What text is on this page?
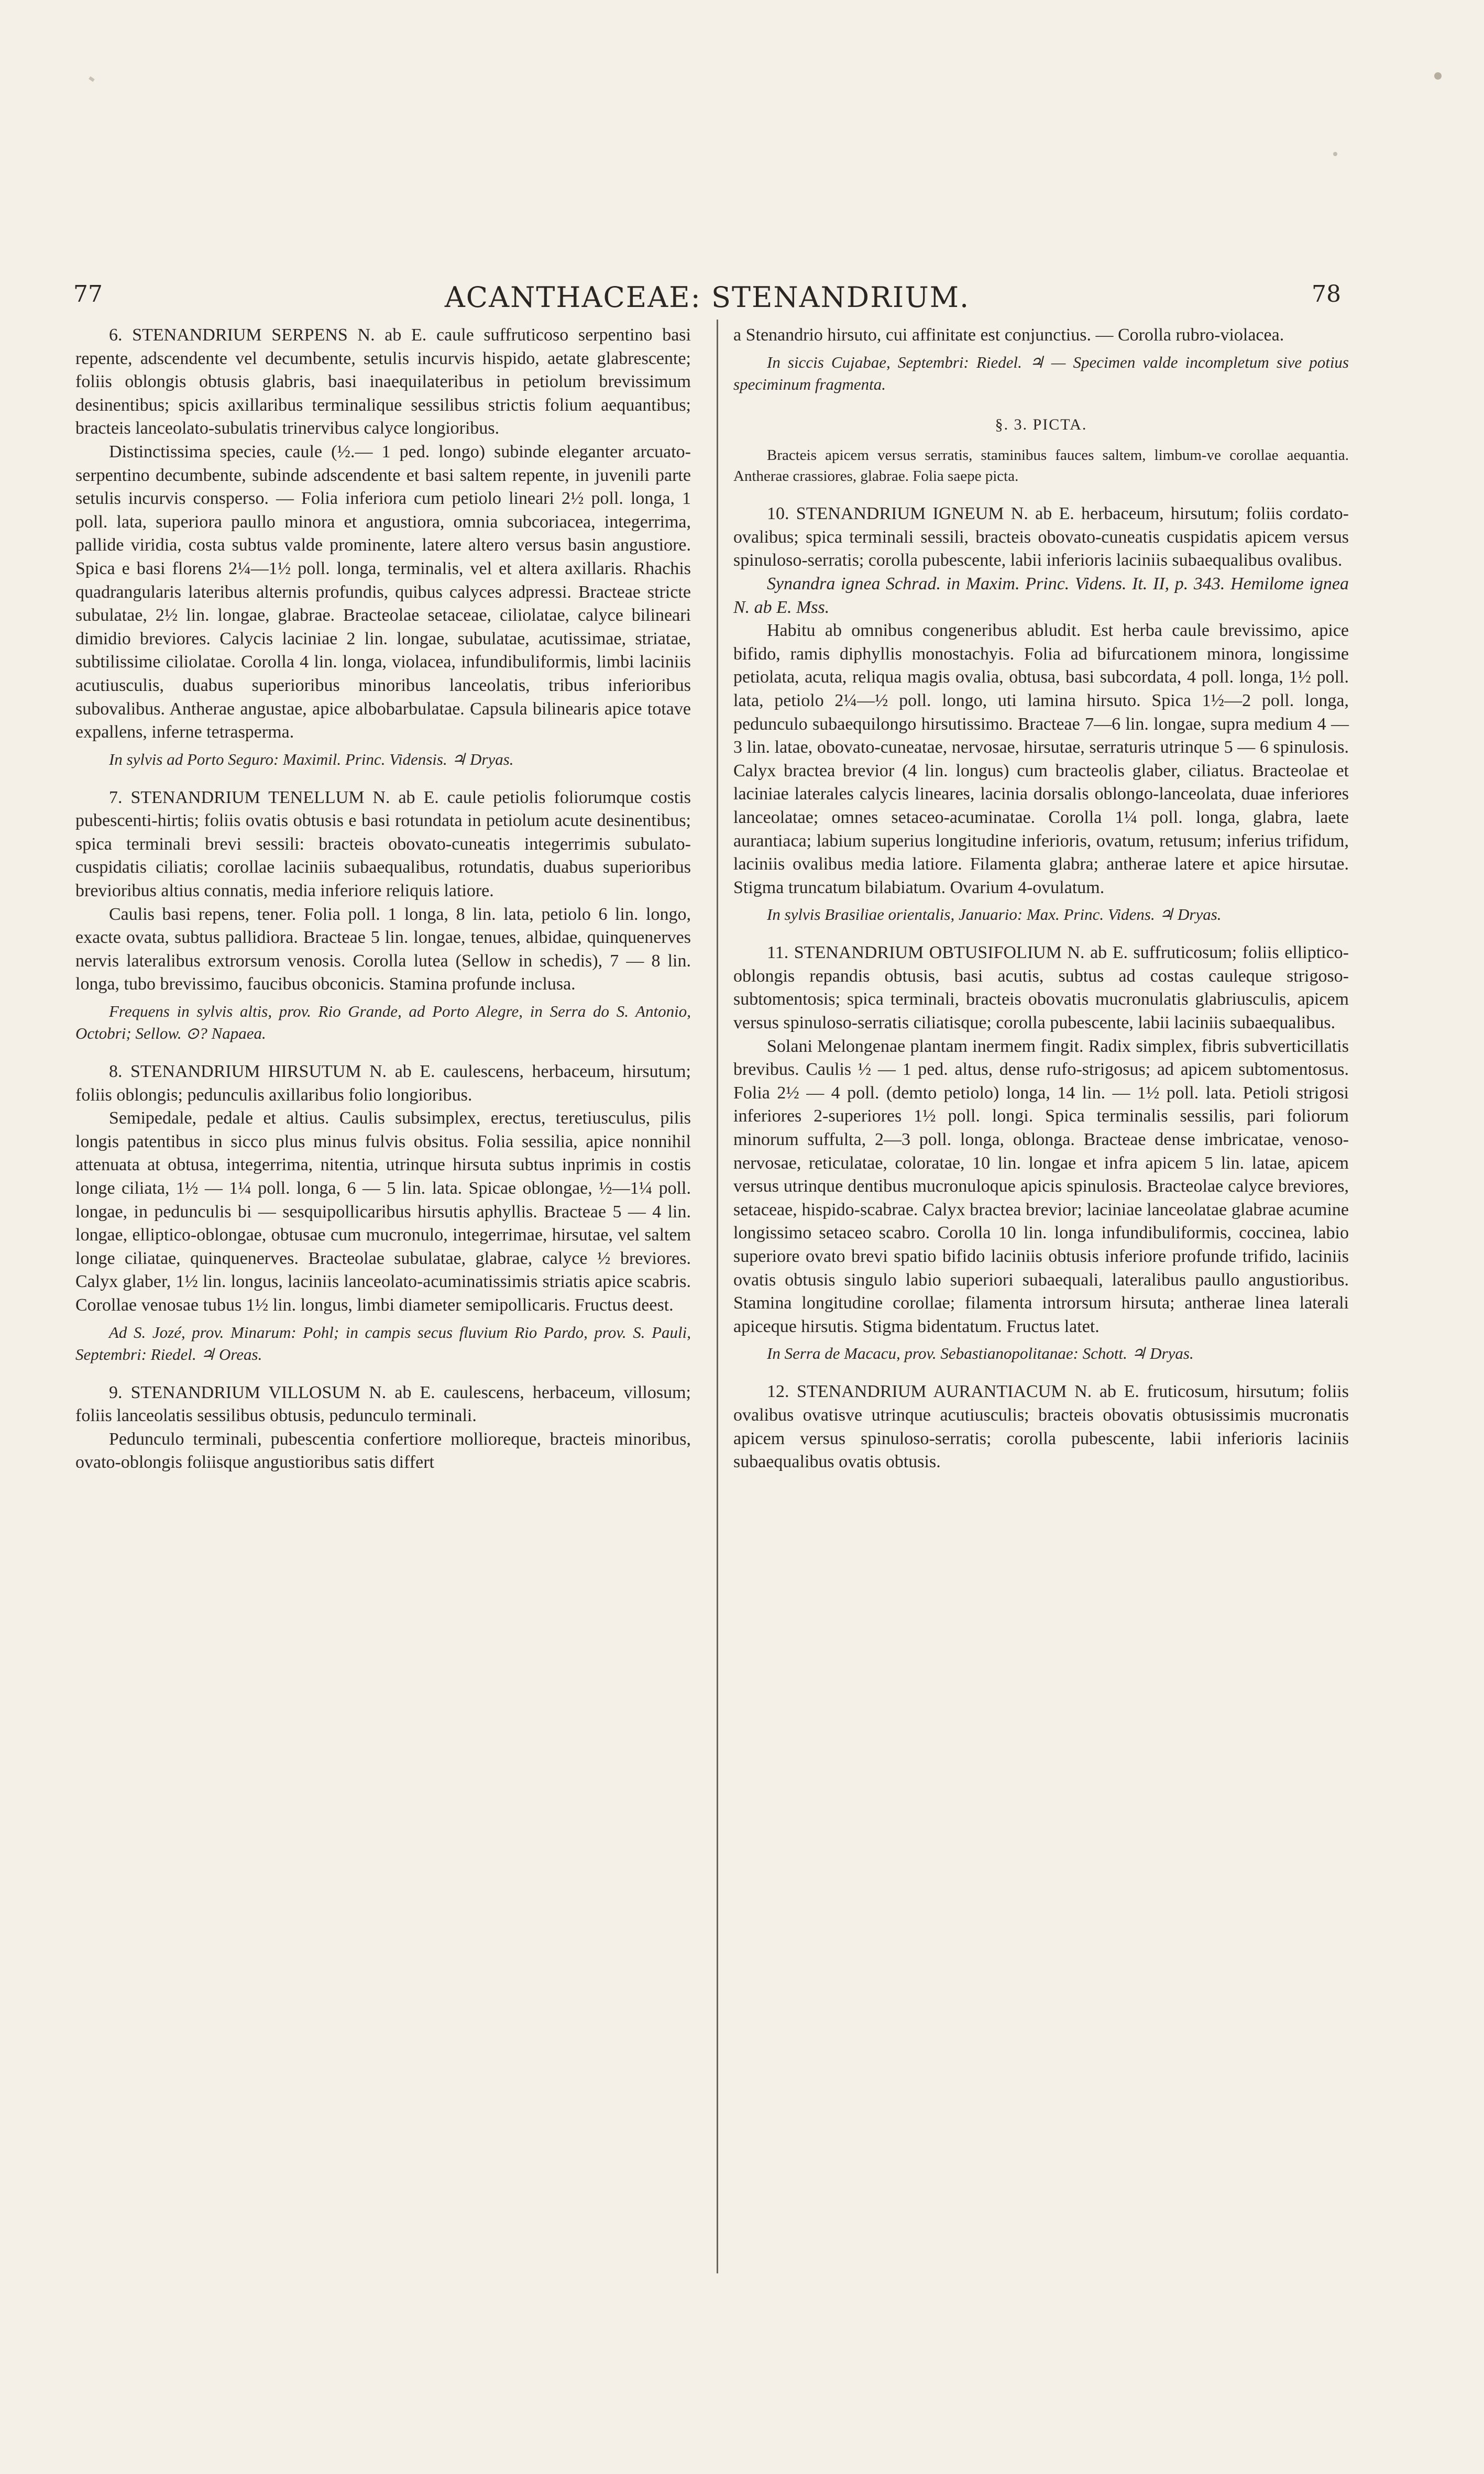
77	ACANTHACEAE: STENANDRIUM.	78

6. STENANDRIUM SERPENS N. ab E. caule suffruticoso serpentino basi repente, adscendente vel decumbente, setulis incurvis hispido, aetate glabrescente; foliis oblongis obtusis glabris, basi inaequilateribus in petiolum brevissimum desinentibus; spicis axillaribus terminalique sessilibus strictis folium aequantibus; bracteis lanceolato-subulatis trinervibus calyce longioribus.

Distinctissima species, caule (½.— 1 ped. longo) subinde eleganter arcuato-serpentino decumbente, subinde adscendente et basi saltem repente, in juvenili parte setulis incurvis consperso. — Folia inferiora cum petiolo lineari 2½ poll. longa, 1 poll. lata, superiora paullo minora et angustiora, omnia subcoriacea, integerrima, pallide viridia, costa subtus valde prominente, latere altero versus basin angustiore. Spica e basi florens 2¼—1½ poll. longa, terminalis, vel et altera axillaris. Rhachis quadrangularis lateribus alternis profundis, quibus calyces adpressi. Bracteae stricte subulatae, 2½ lin. longae, glabrae. Bracteolae setaceae, ciliolatae, calyce bilineari dimidio breviores. Calycis laciniae 2 lin. longae, subulatae, acutissimae, striatae, subtilissime ciliolatae. Corolla 4 lin. longa, violacea, infundibuliformis, limbi laciniis acutiusculis, duabus superioribus minoribus lanceolatis, tribus inferioribus subovalibus. Antherae angustae, apice albobarbulatae. Capsula bilinearis apice totave expallens, inferne tetrasperma.

In sylvis ad Porto Seguro: Maximil. Princ. Vidensis. ♃ Dryas.

7. STENANDRIUM TENELLUM N. ab E. caule petiolis foliorumque costis pubescenti-hirtis; foliis ovatis obtusis e basi rotundata in petiolum acute desinentibus; spica terminali brevi sessili: bracteis obovato-cuneatis integerrimis subulato-cuspidatis ciliatis; corollae laciniis subaequalibus, rotundatis, duabus superioribus brevioribus altius connatis, media inferiore reliquis latiore.

Caulis basi repens, tener. Folia poll. 1 longa, 8 lin. lata, petiolo 6 lin. longo, exacte ovata, subtus pallidiora. Bracteae 5 lin. longae, tenues, albidae, quinquenerves nervis lateralibus extrorsum venosis. Corolla lutea (Sellow in schedis), 7 — 8 lin. longa, tubo brevissimo, faucibus obconicis. Stamina profunde inclusa.

Frequens in sylvis altis, prov. Rio Grande, ad Porto Alegre, in Serra do S. Antonio, Octobri; Sellow. ⊙? Napaea.

8. STENANDRIUM HIRSUTUM N. ab E. caulescens, herbaceum, hirsutum; foliis oblongis; pedunculis axillaribus folio longioribus.

Semipedale, pedale et altius. Caulis subsimplex, erectus, teretiusculus, pilis longis patentibus in sicco plus minus fulvis obsitus. Folia sessilia, apice nonnihil attenuata at obtusa, integerrima, nitentia, utrinque hirsuta subtus inprimis in costis longe ciliata, 1½ — 1¼ poll. longa, 6 — 5 lin. lata. Spicae oblongae, ½—1¼ poll. longae, in pedunculis bi — sesquipollicaribus hirsutis aphyllis. Bracteae 5 — 4 lin. longae, elliptico-oblongae, obtusae cum mucronulo, integerrimae, hirsutae, vel saltem longe ciliatae, quinquenerves. Bracteolae subulatae, glabrae, calyce ½ breviores. Calyx glaber, 1½ lin. longus, laciniis lanceolato-acuminatissimis striatis apice scabris. Corollae venosae tubus 1½ lin. longus, limbi diameter semipollicaris. Fructus deest.

Ad S. Jozé, prov. Minarum: Pohl; in campis secus fluvium Rio Pardo, prov. S. Pauli, Septembri: Riedel. ♃ Oreas.

9. STENANDRIUM VILLOSUM N. ab E. caulescens, herbaceum, villosum; foliis lanceolatis sessilibus obtusis, pedunculo terminali.

Pedunculo terminali, pubescentia confertiore molliorequе, bracteis minoribus, ovato-oblongis foliisque angustioribus satis differt

a Stenandrio hirsuto, cui affinitate est conjunctius. — Corolla rubro-violacea.

In siccis Cujabae, Septembri: Riedel. ♃ — Specimen valde incompletum sive potius speciminum fragmenta.

§. 3. PICTA.

Bracteis apicem versus serratis, staminibus fauces saltem, limbum-ve corollae aequantia. Antherae crassiores, glabrae. Folia saepe picta.

10. STENANDRIUM IGNEUM N. ab E. herbaceum, hirsutum; foliis cordato-ovalibus; spica terminali sessili, bracteis obovato-cuneatis cuspidatis apicem versus spinuloso-serratis; corolla pubescente, labii inferioris laciniis subaequalibus ovalibus.

Synandra ignea Schrad. in Maxim. Princ. Videns. It. II, p. 343. Hemilome ignea N. ab E. Mss.

Habitu ab omnibus congeneribus abludit. Est herba caule brevissimo, apice bifido, ramis diphyllis monostachyis. Folia ad bifurcationem minora, longissime petiolata, acuta, reliqua magis ovalia, obtusa, basi subcordata, 4 poll. longa, 1½ poll. lata, petiolo 2¼—½ poll. longo, uti lamina hirsuto. Spica 1½—2 poll. longa, pedunculo subaequilongo hirsutissimo. Bracteae 7—6 lin. longae, supra medium 4 — 3 lin. latae, obovato-cuneatae, nervosae, hirsutae, serraturis utrinque 5 — 6 spinulosis. Calyx bractea brevior (4 lin. longus) cum bracteolis glaber, ciliatus. Bracteolae et laciniae laterales calycis lineares, lacinia dorsalis oblongo-lanceolata, duae inferiores lanceolatae; omnes setaceo-acuminatae. Corolla 1¼ poll. longa, glabra, laete aurantiaca; labium superius longitudine inferioris, ovatum, retusum; inferius trifidum, laciniis ovalibus media latiore. Filamenta glabra; antherae latere et apice hirsutae. Stigma truncatum bilabiatum. Ovarium 4-ovulatum.

In sylvis Brasiliae orientalis, Januario: Max. Princ. Videns. ♃ Dryas.

11. STENANDRIUM OBTUSIFOLIUM N. ab E. suffruticosum; foliis elliptico-oblongis repandis obtusis, basi acutis, subtus ad costas cauleque strigoso-subtomentosis; spica terminali, bracteis obovatis mucronulatis glabriusculis, apicem versus spinuloso-serratis ciliatisque; corolla pubescente, labii laciniis subaequalibus.

Solani Melongenae plantam inermem fingit. Radix simplex, fibris subverticillatis brevibus. Caulis ½ — 1 ped. altus, dense rufo-strigosus; ad apicem subtomentosus. Folia 2½ — 4 poll. (demto petiolo) longa, 14 lin. — 1½ poll. lata. Petioli strigosi inferiores 2-superiores 1½ poll. longi. Spica terminalis sessilis, pari foliorum minorum suffulta, 2—3 poll. longa, oblonga. Bracteae dense imbricatae, venoso-nervosae, reticulatae, coloratae, 10 lin. longae et infra apicem 5 lin. latae, apicem versus utrinque dentibus mucronuloque apicis spinulosis. Bracteolae calyce breviores, setaceae, hispido-scabrae. Calyx bractea brevior; laciniae lanceolatae glabrae acumine longissimo setaceo scabro. Corolla 10 lin. longa infundibuliformis, coccinea, labio superiore ovato brevi spatio bifido laciniis obtusis inferiore profunde trifido, laciniis ovatis obtusis singulo labio superiori subaequali, lateralibus paullo angustioribus. Stamina longitudine corollae; filamenta introrsum hirsuta; antherae linea laterali apiceque hirsutis. Stigma bidentatum. Fructus latet.

In Serra de Macacu, prov. Sebastianopolitanae: Schott. ♃ Dryas.

12. STENANDRIUM AURANTIACUM N. ab E. fruticosum, hirsutum; foliis ovalibus ovatisve utrinque acutiusculis; bracteis obovatis obtusissimis mucronatis apicem versus spinuloso-serratis; corolla pubescente, labii inferioris laciniis subaequalibus ovatis obtusis.
